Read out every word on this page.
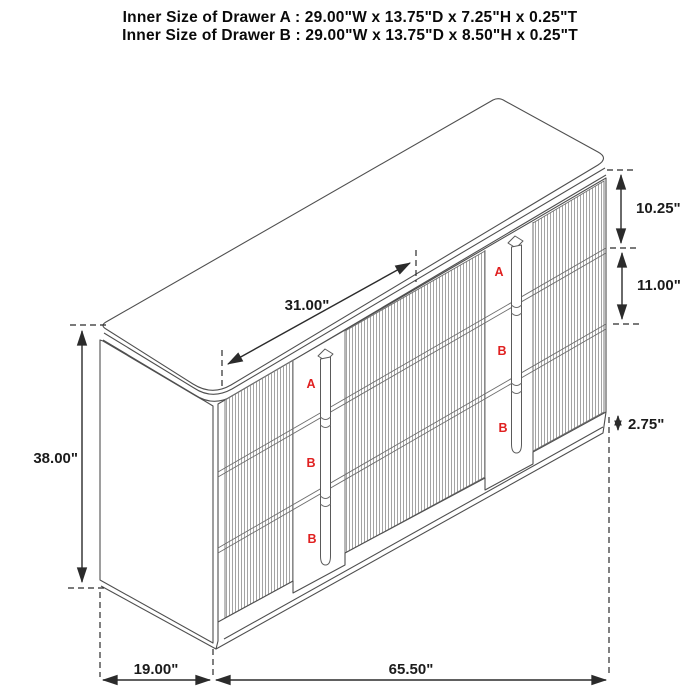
Inner Size of Drawer A : 29.00"W x 13.75"D x 7.25"H x 0.25"T
Inner Size of Drawer B : 29.00"W x 13.75"D x 8.50"H x 0.25"T
A
B
B
A
B
B
38.00"
31.00"
10.25"
11.00"
2.75"
19.00"	65.50"
